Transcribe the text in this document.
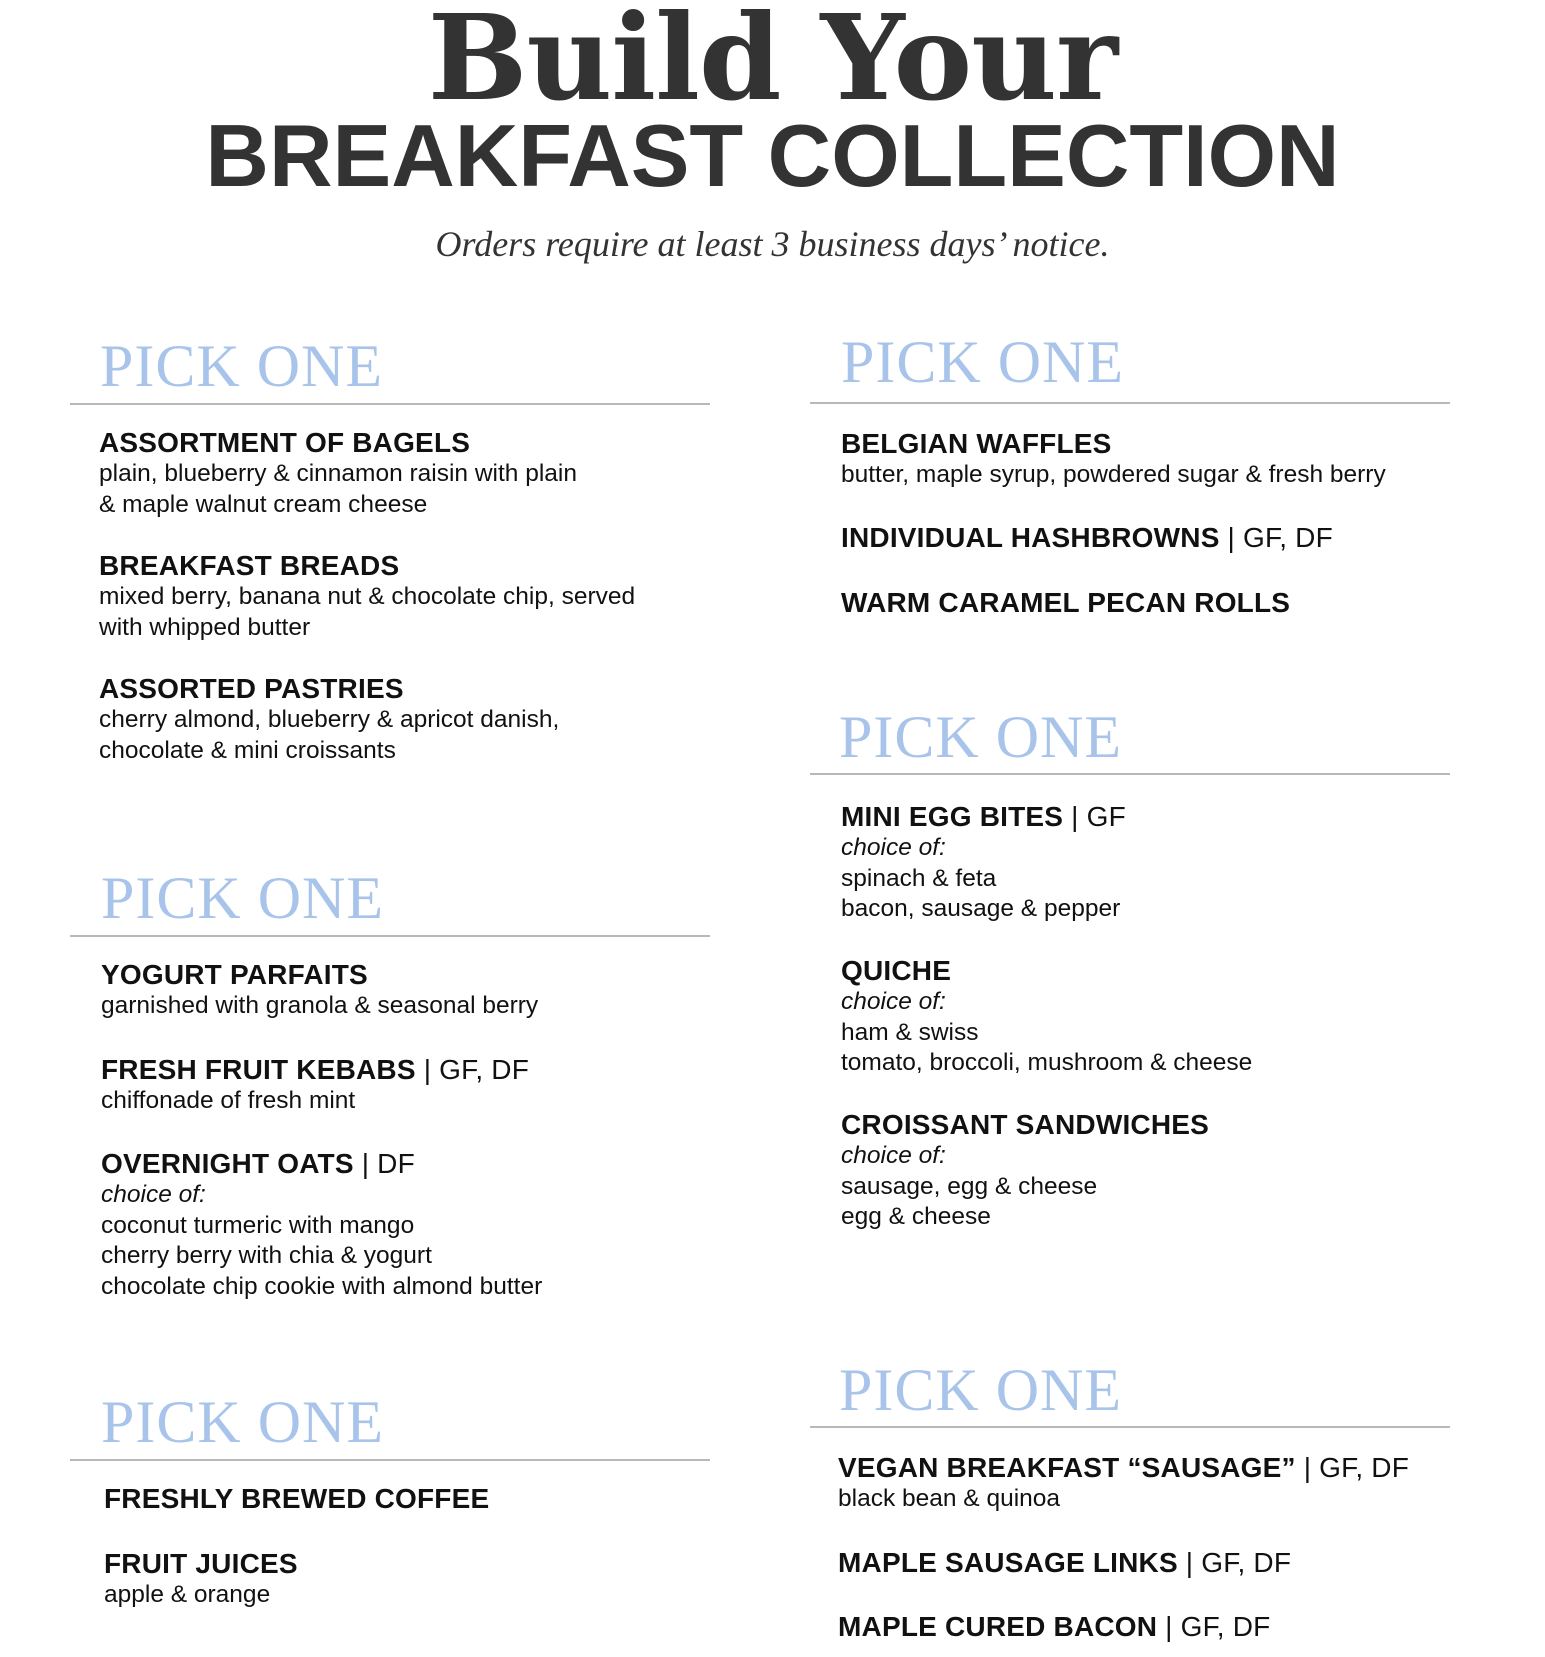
Build Your
BREAKFAST COLLECTION

Orders require at least 3 business days’ notice.

PICK ONE
ASSORTMENT OF BAGELS
plain, blueberry & cinnamon raisin with plain
& maple walnut cream cheese
BREAKFAST BREADS
mixed berry, banana nut & chocolate chip, served
with whipped butter
ASSORTED PASTRIES
cherry almond, blueberry & apricot danish,
chocolate & mini croissants
PICK ONE
YOGURT PARFAITS
garnished with granola & seasonal berry
FRESH FRUIT KEBABS | GF, DF
chiffonade of fresh mint
OVERNIGHT OATS | DF
choice of:
coconut turmeric with mango
cherry berry with chia & yogurt
chocolate chip cookie with almond butter
PICK ONE
FRESHLY BREWED COFFEE
FRUIT JUICES
apple & orange
PICK ONE
BELGIAN WAFFLES
butter, maple syrup, powdered sugar & fresh berry
INDIVIDUAL HASHBROWNS | GF, DF
WARM CARAMEL PECAN ROLLS
PICK ONE
MINI EGG BITES | GF
choice of:
spinach & feta
bacon, sausage & pepper
QUICHE
choice of:
ham & swiss
tomato, broccoli, mushroom & cheese
CROISSANT SANDWICHES
choice of:
sausage, egg & cheese
egg & cheese
PICK ONE
VEGAN BREAKFAST “SAUSAGE” | GF, DF
black bean & quinoa
MAPLE SAUSAGE LINKS | GF, DF
MAPLE CURED BACON | GF, DF
